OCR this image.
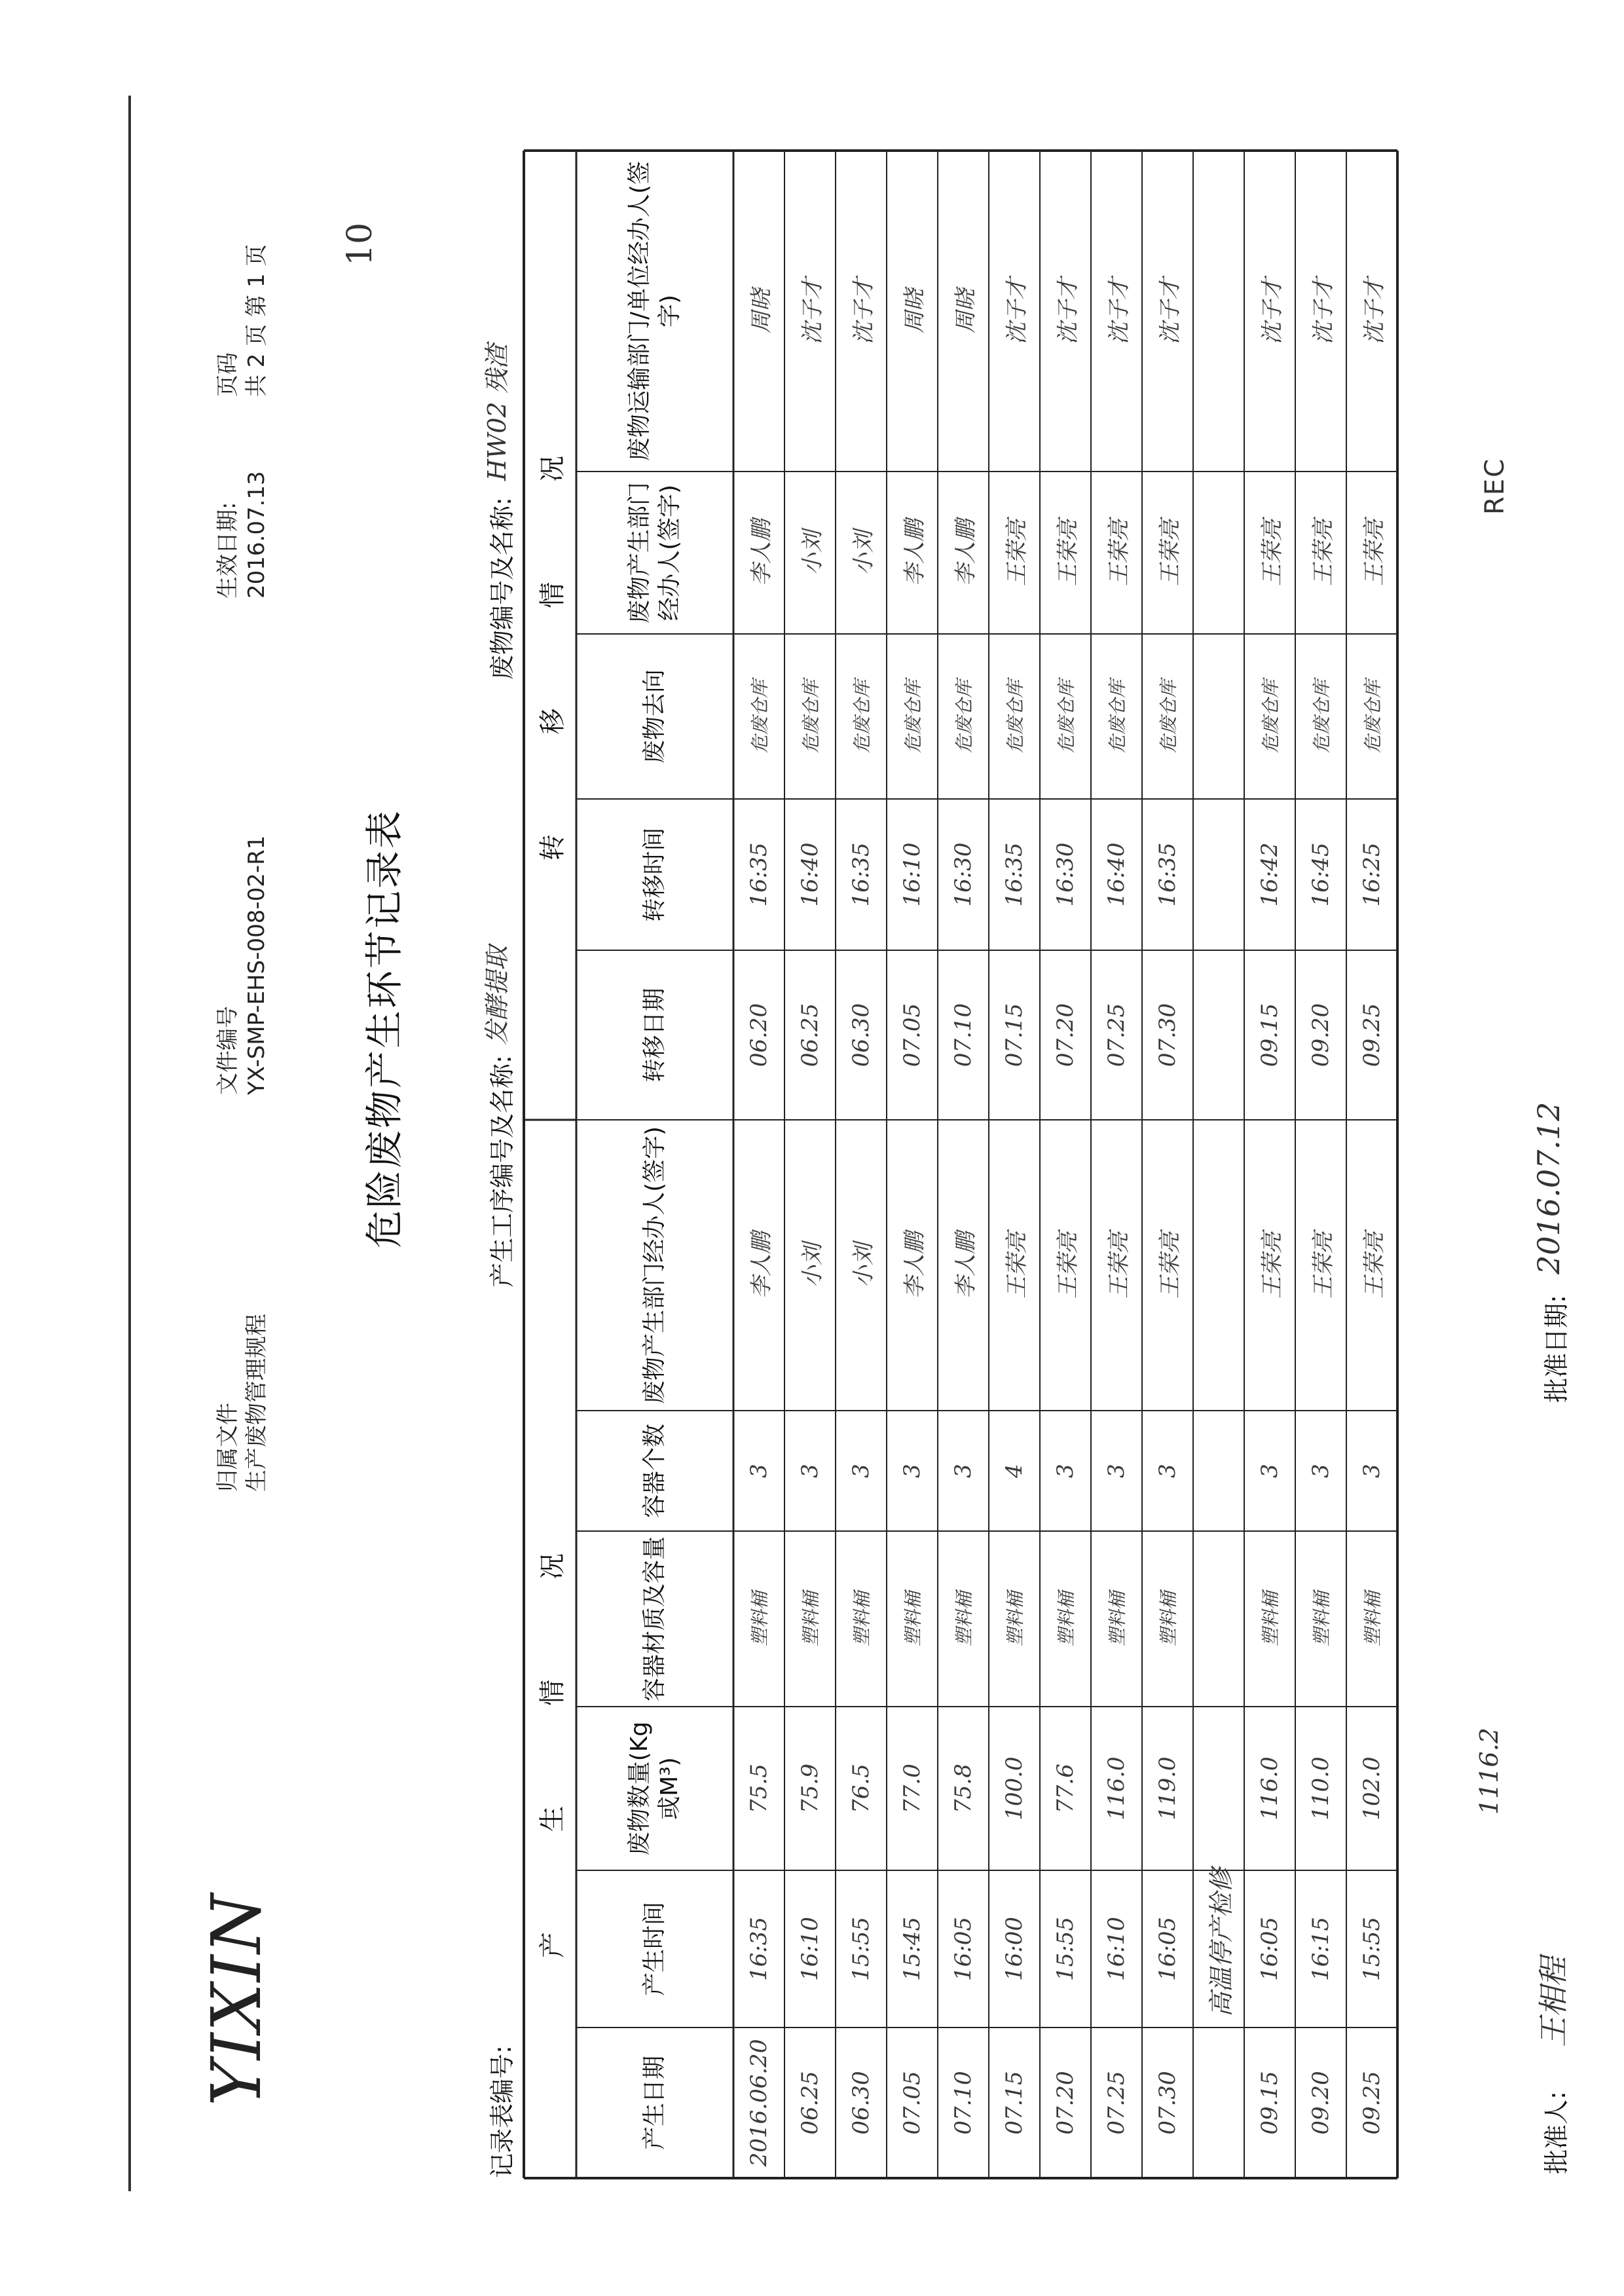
YIXIN
归属文件 生产废物管理规程
文件编号 YX-SMP-EHS-008-02-R1
生效日期: 2016.07.13
页码 共 2 页 第 1 页 10
危险废物产生环节记录表
记录表编号:
产生工序编号及名称:
发酵提取
废物编号及名称:
HW02 残渣
产 生 情 况
转 移 情 况
产生日期
产生时间
废物数量(Kg或M³)
容器材质及容量
容器个数
废物产生部门经办人(签字)
转移日期
转移时间
废物去向
废物产生部门经办人(签字)
废物运输部门/单位经办人(签字)
2016.06.20
16:35
75.5
塑料桶
3
李人鹏
06.20
16:35
危废仓库
李人鹏
周晓
06.25
16:10
75.9
塑料桶
3
小刘
06.25
16:40
危废仓库
小刘
沈子才
06.30
15:55
76.5
塑料桶
3
小刘
06.30
16:35
危废仓库
小刘
沈子才
07.05
15:45
77.0
塑料桶
3
李人鹏
07.05
16:10
危废仓库
李人鹏
周晓
07.10
16:05
75.8
塑料桶
3
李人鹏
07.10
16:30
危废仓库
李人鹏
周晓
07.15
16:00
100.0
塑料桶
4
王荣亮
07.15
16:35
危废仓库
王荣亮
沈子才
07.20
15:55
77.6
塑料桶
3
王荣亮
07.20
16:30
危废仓库
王荣亮
沈子才
07.25
16:10
116.0
塑料桶
3
王荣亮
07.25
16:40
危废仓库
王荣亮
沈子才
07.30
16:05
119.0
塑料桶
3
王荣亮
07.30
16:35
危废仓库
王荣亮
沈子才
高温停产检修
09.15
16:05
116.0
塑料桶
3
王荣亮
09.15
16:42
危废仓库
王荣亮
沈子才
09.20
16:15
110.0
塑料桶
3
王荣亮
09.20
16:45
危废仓库
王荣亮
沈子才
09.25
15:55
102.0
塑料桶
3
王荣亮
09.25
16:25
危废仓库
王荣亮
沈子才
1116.2
批准人:
王相程
批准日期:
2016.07.12
REC
